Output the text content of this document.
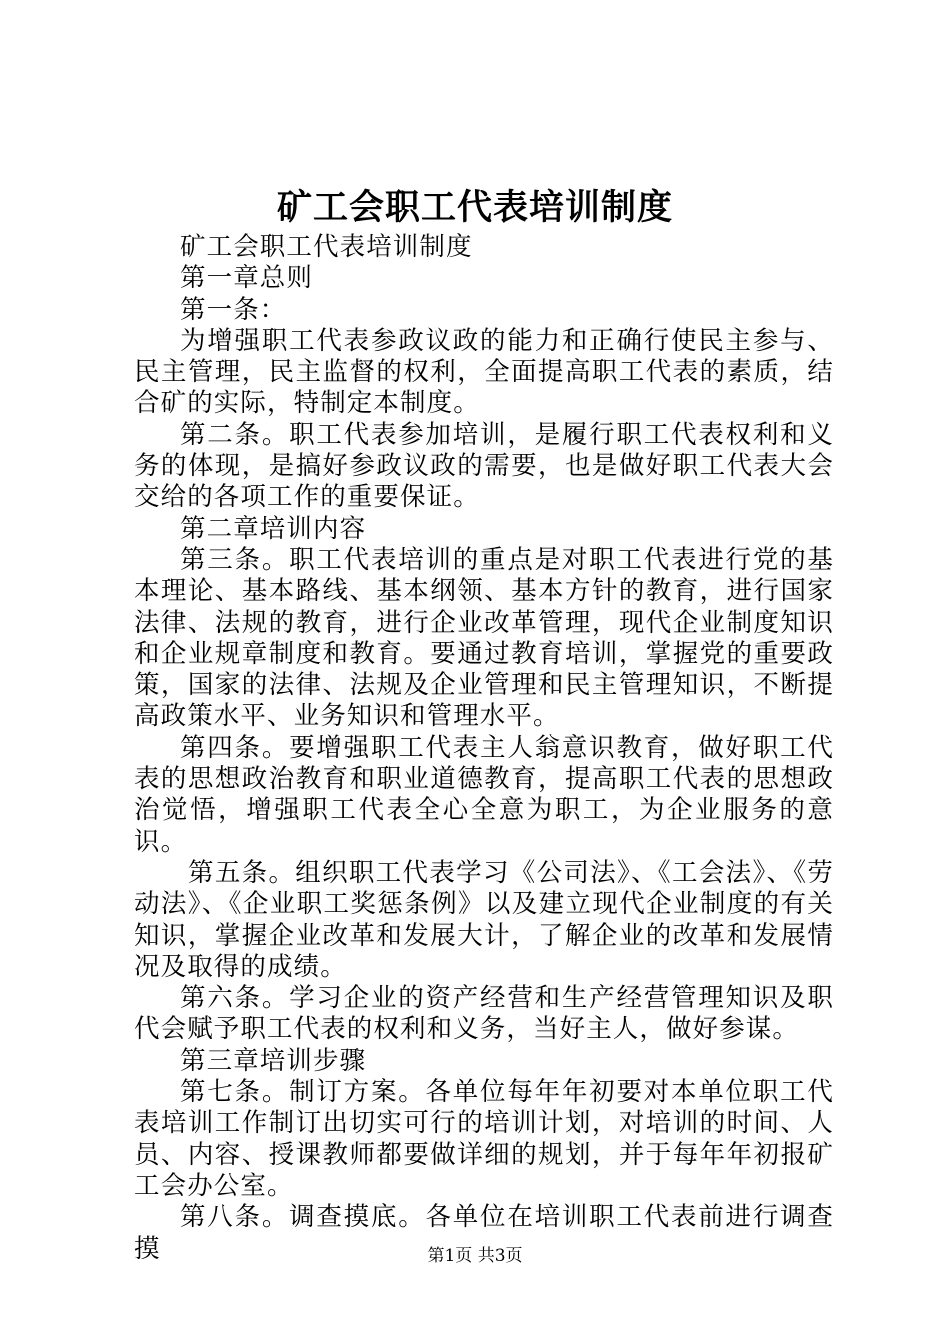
矿工会职工代表培训制度

矿工会职工代表培训制度

第一章总则

第一条：

为增强职工代表参政议政的能力和正确行使民主参与、民主管理，民主监督的权利，全面提高职工代表的素质，结合矿的实际，特制定本制度。

第二条。职工代表参加培训，是履行职工代表权利和义务的体现，是搞好参政议政的需要，也是做好职工代表大会交给的各项工作的重要保证。

第二章培训内容

第三条。职工代表培训的重点是对职工代表进行党的基本理论、基本路线、基本纲领、基本方针的教育，进行国家法律、法规的教育，进行企业改革管理，现代企业制度知识和企业规章制度和教育。要通过教育培训，掌握党的重要政策，国家的法律、法规及企业管理和民主管理知识，不断提高政策水平、业务知识和管理水平。

第四条。要增强职工代表主人翁意识教育，做好职工代表的思想政治教育和职业道德教育，提高职工代表的思想政治觉悟，增强职工代表全心全意为职工，为企业服务的意识。

第五条。组织职工代表学习《公司法》、《工会法》、《劳动法》、《企业职工奖惩条例》以及建立现代企业制度的有关知识，掌握企业改革和发展大计，了解企业的改革和发展情况及取得的成绩。

第六条。学习企业的资产经营和生产经营管理知识及职代会赋予职工代表的权利和义务，当好主人，做好参谋。

第三章培训步骤

第七条。制订方案。各单位每年年初要对本单位职工代表培训工作制订出切实可行的培训计划，对培训的时间、人员、内容、授课教师都要做详细的规划，并于每年年初报矿工会办公室。

第八条。调查摸底。各单位在培训职工代表前进行调查摸	第1页 共3页
